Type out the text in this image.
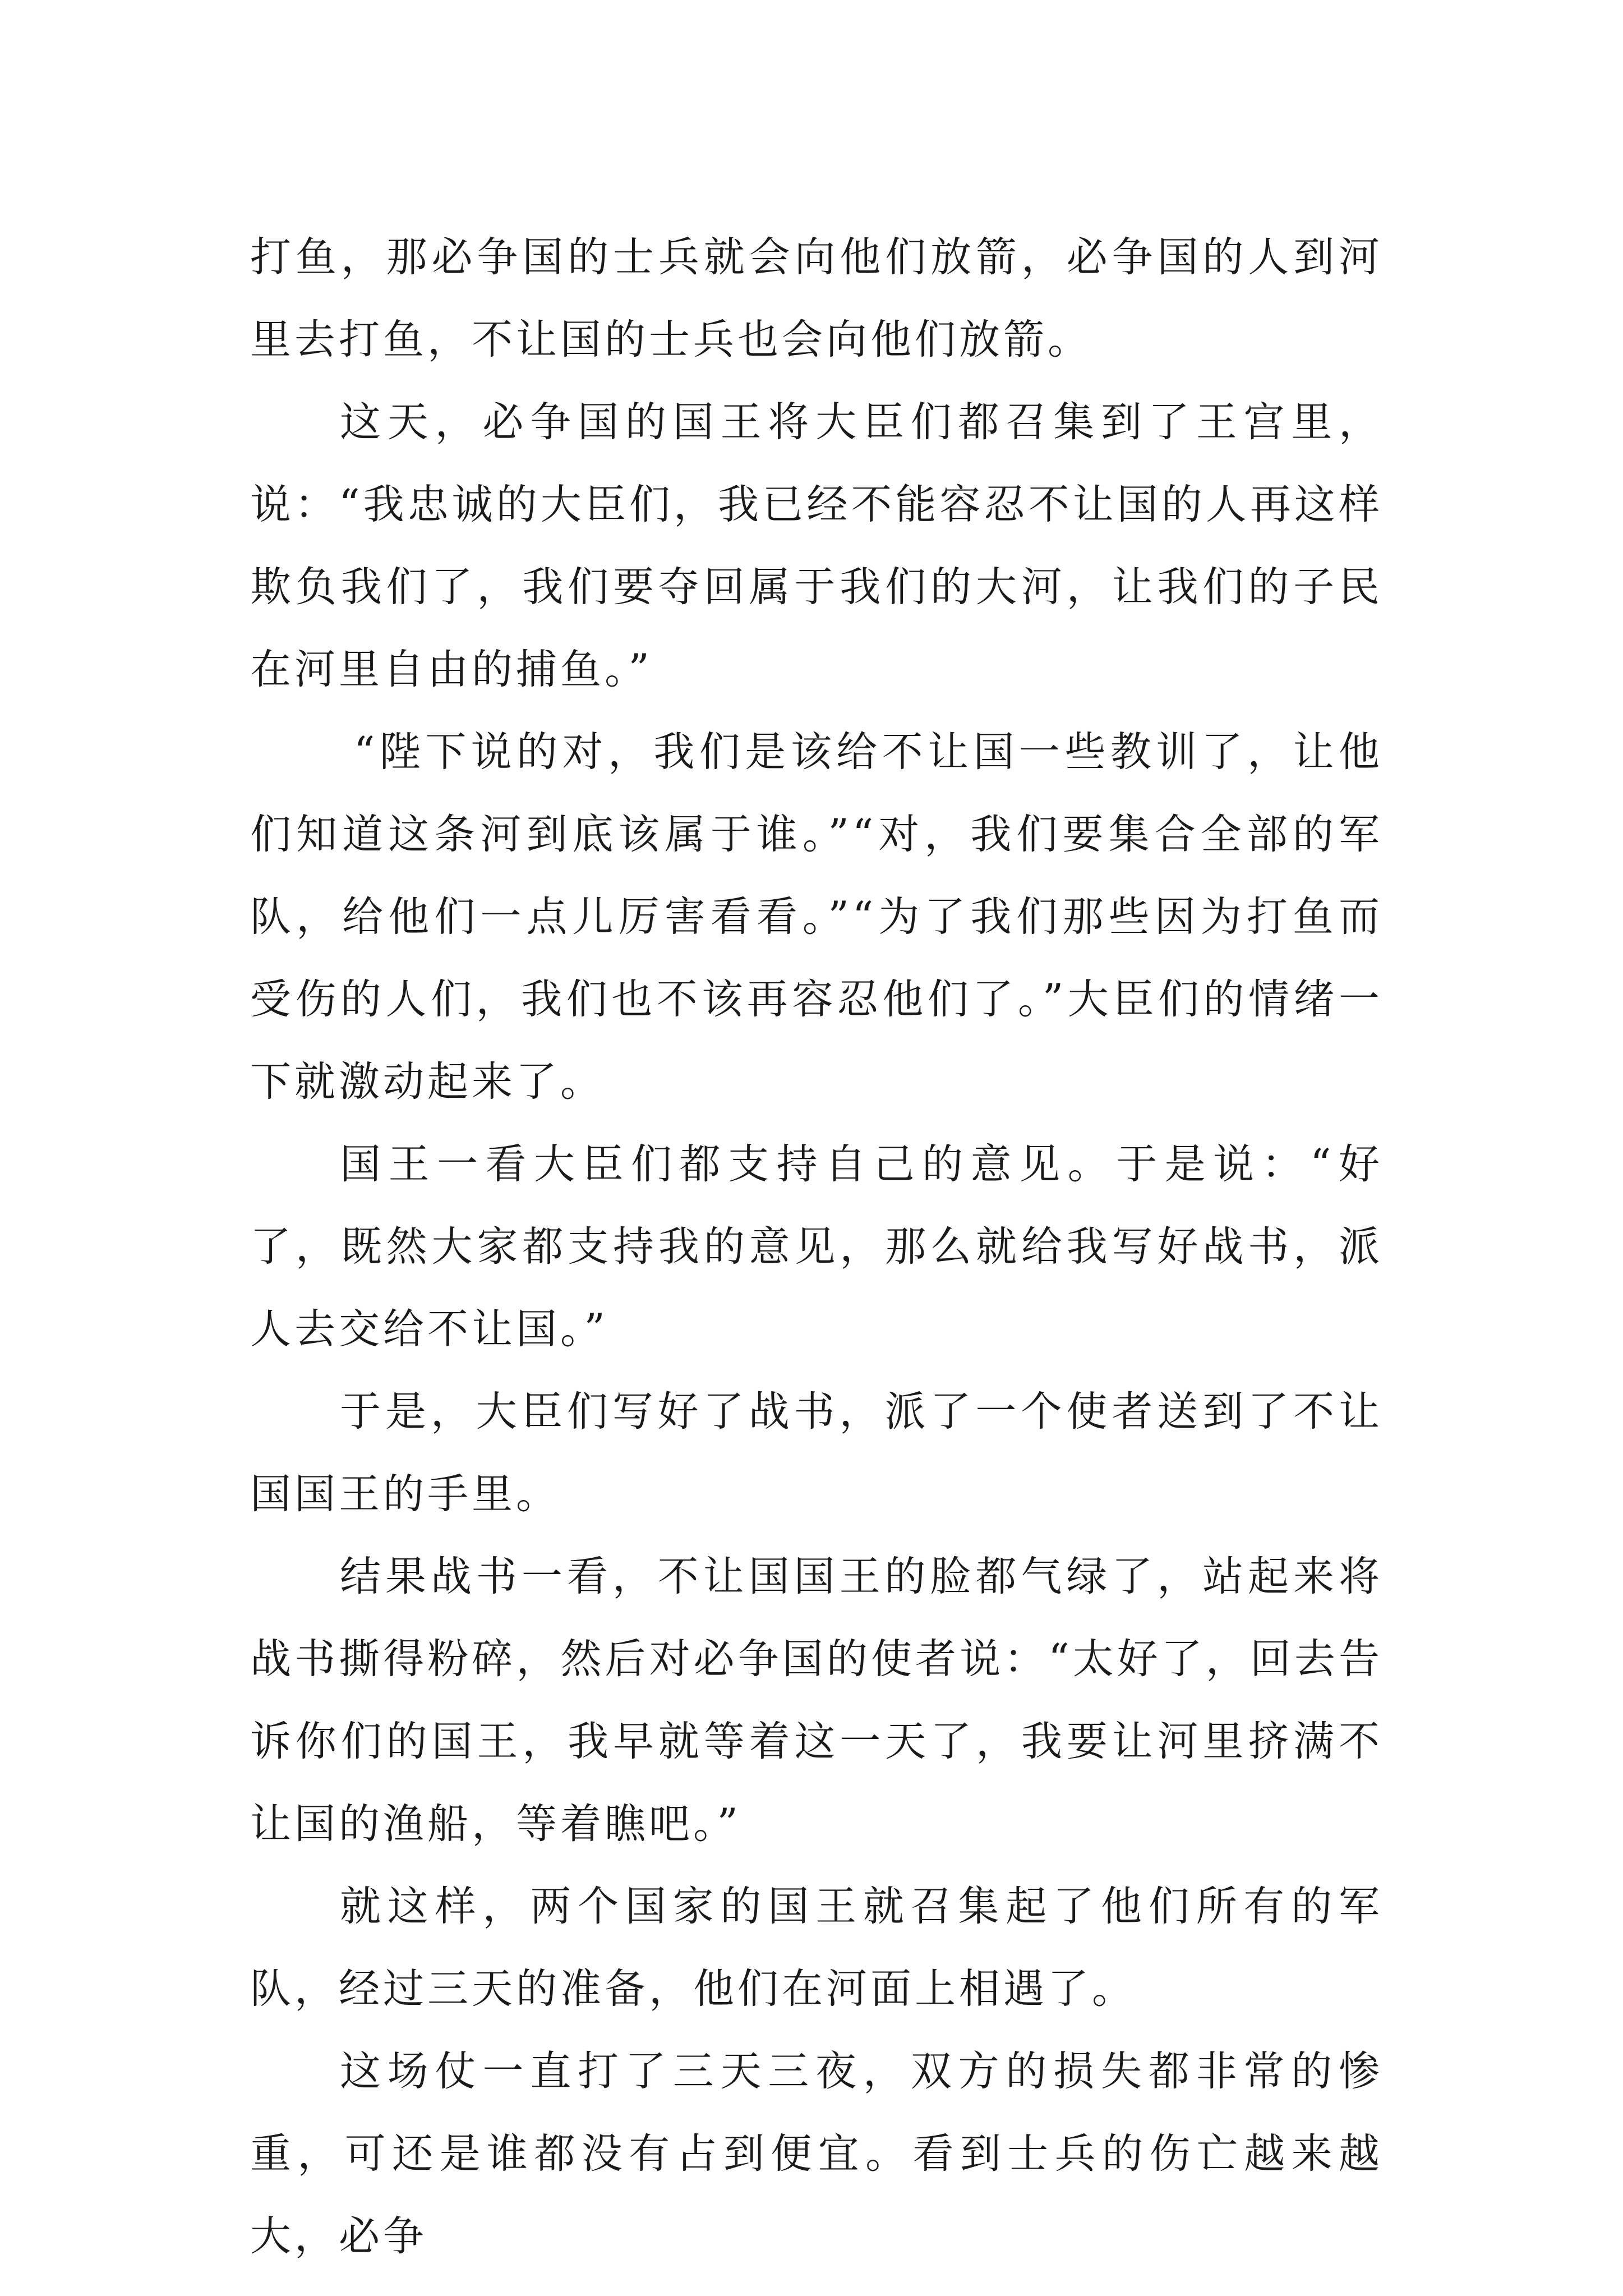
打鱼，那必争国的士兵就会向他们放箭，必争国的人到河里去打鱼，不让国的士兵也会向他们放箭。

这天，必争国的国王将大臣们都召集到了王宫里，说：“我忠诚的大臣们，我已经不能容忍不让国的人再这样欺负我们了，我们要夺回属于我们的大河，让我们的子民在河里自由的捕鱼。”

“陛下说的对，我们是该给不让国一些教训了，让他们知道这条河到底该属于谁。”“对，我们要集合全部的军队，给他们一点儿厉害看看。”“为了我们那些因为打鱼而受伤的人们，我们也不该再容忍他们了。”大臣们的情绪一下就激动起来了。

国王一看大臣们都支持自己的意见。于是说：“好了，既然大家都支持我的意见，那么就给我写好战书，派人去交给不让国。”

于是，大臣们写好了战书，派了一个使者送到了不让国国王的手里。

结果战书一看，不让国国王的脸都气绿了，站起来将战书撕得粉碎，然后对必争国的使者说：“太好了，回去告诉你们的国王，我早就等着这一天了，我要让河里挤满不让国的渔船，等着瞧吧。”

就这样，两个国家的国王就召集起了他们所有的军队，经过三天的准备，他们在河面上相遇了。

这场仗一直打了三天三夜，双方的损失都非常的惨重，可还是谁都没有占到便宜。看到士兵的伤亡越来越大，必争
